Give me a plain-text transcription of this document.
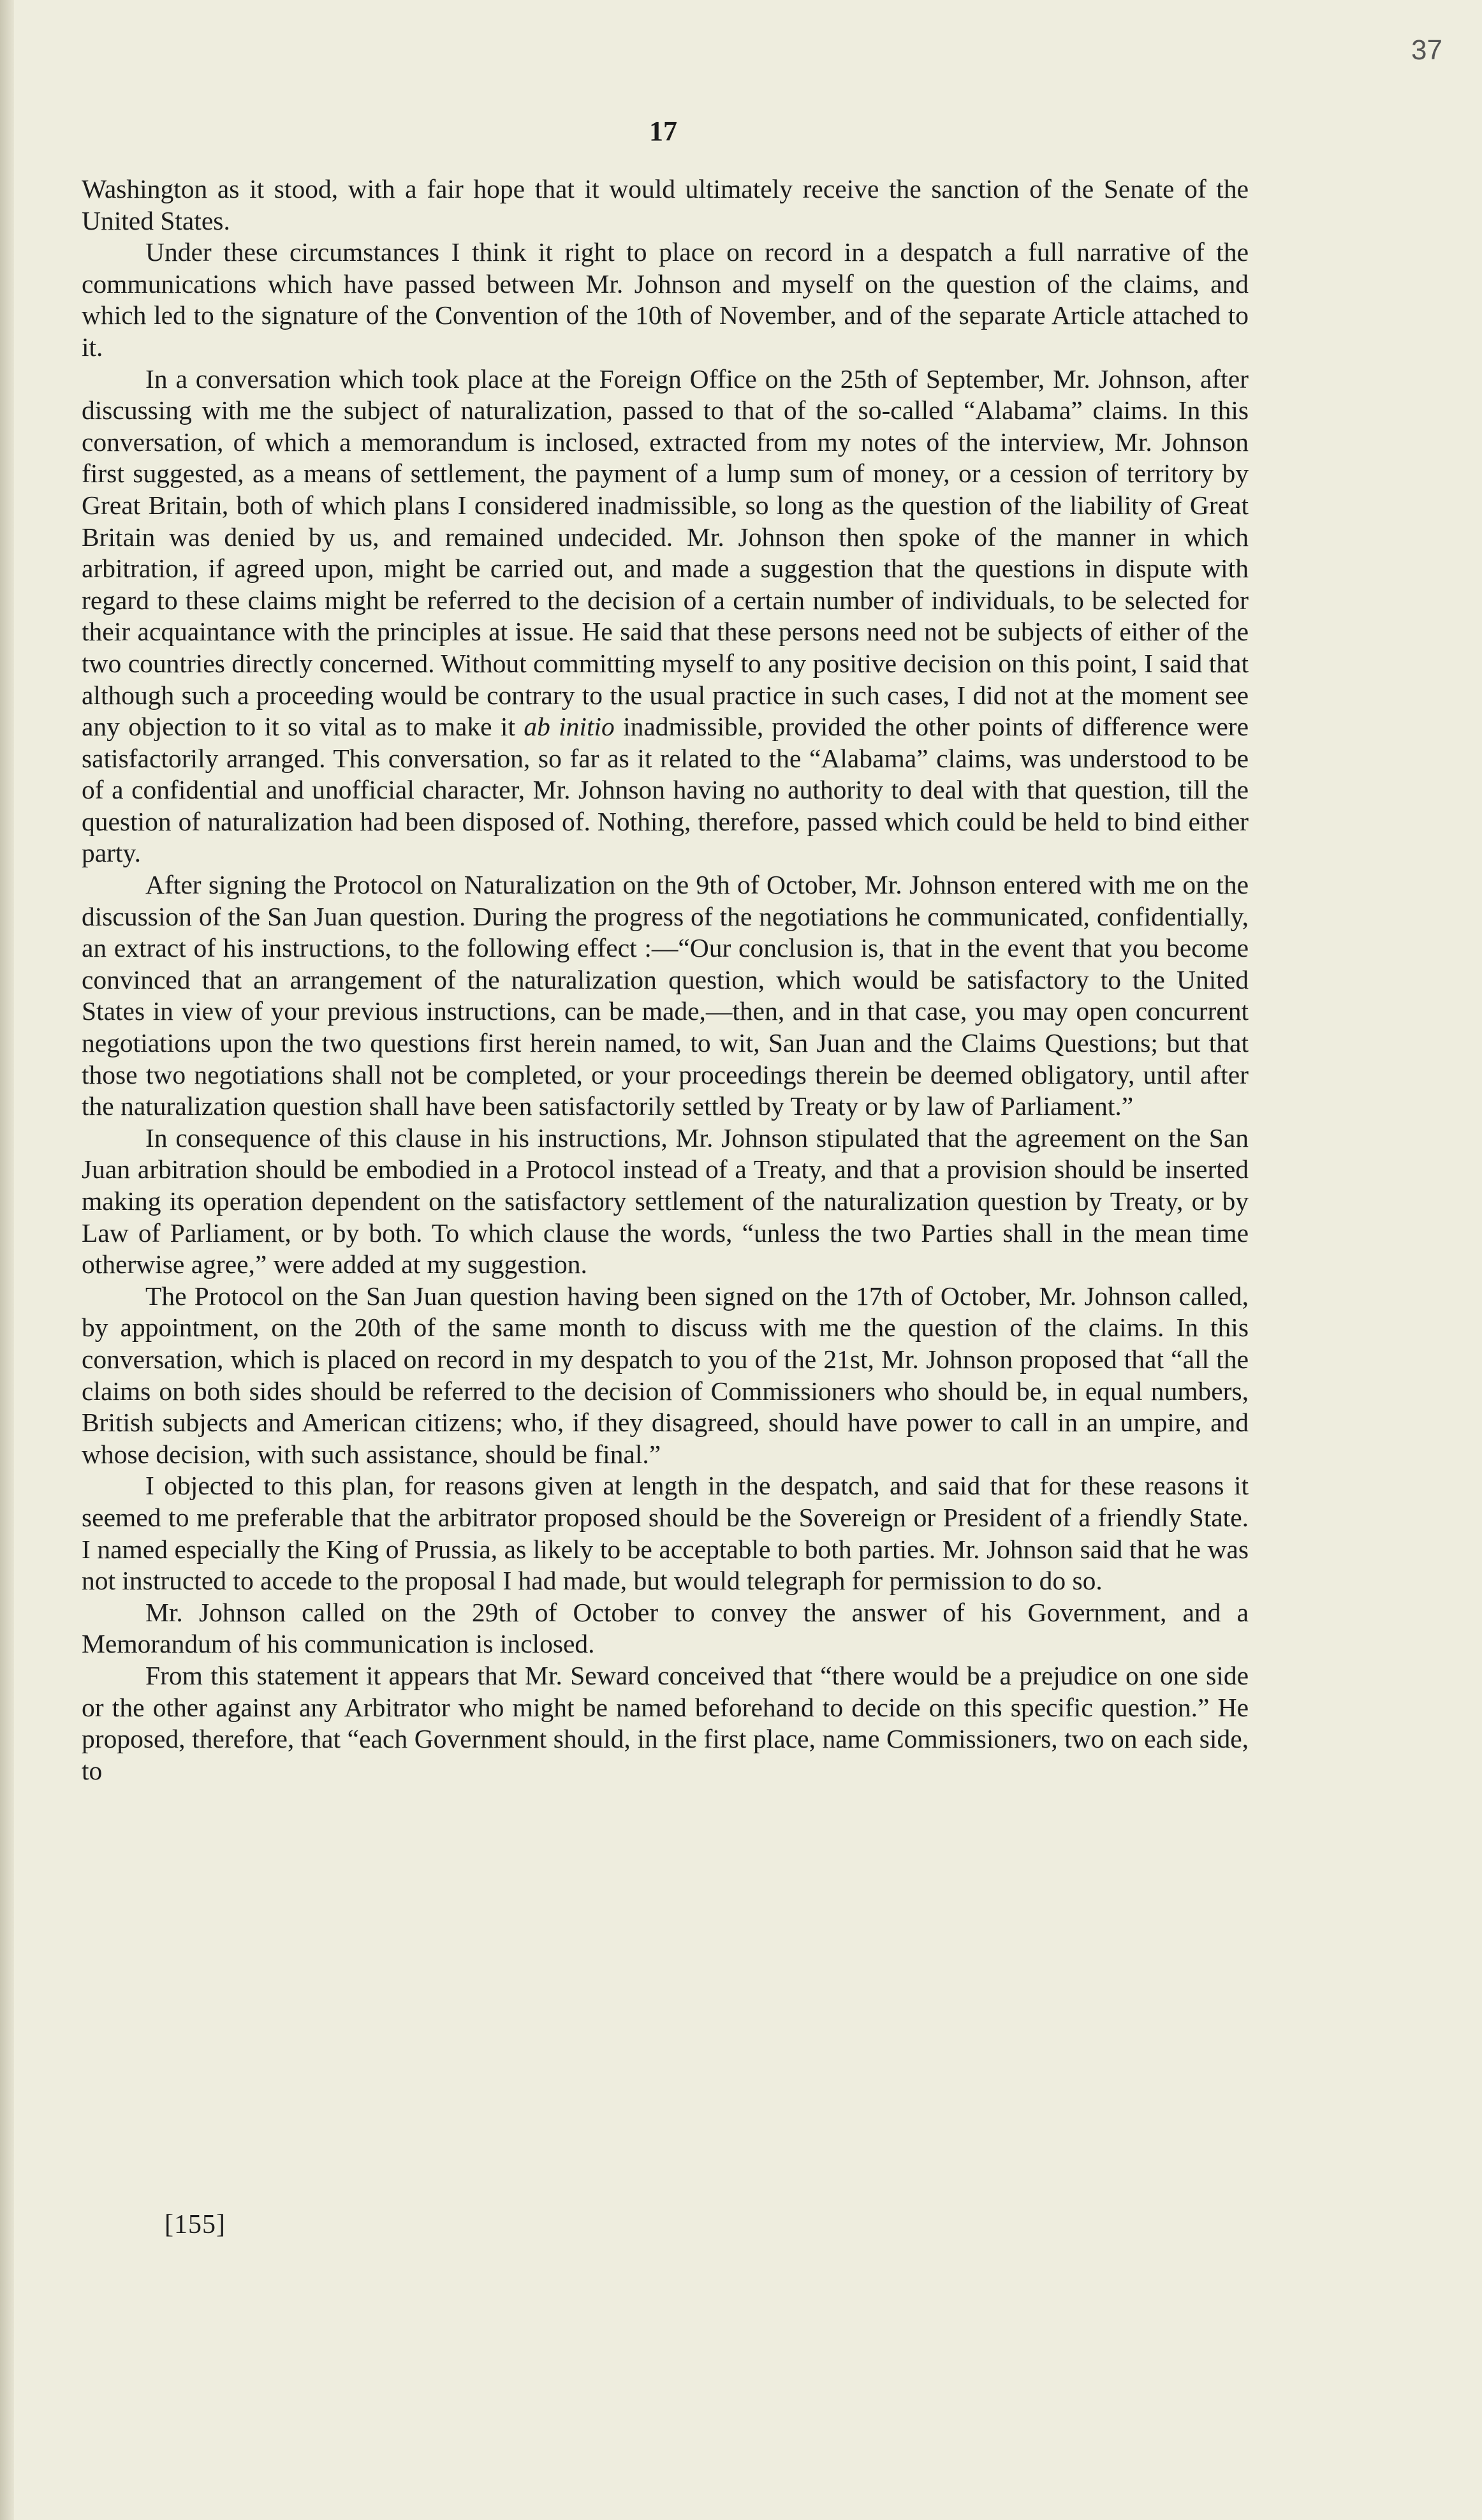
37
17

Washington as it stood, with a fair hope that it would ultimately receive the sanction of the Senate of the United States.

Under these circumstances I think it right to place on record in a despatch a full narrative of the communications which have passed between Mr. Johnson and myself on the question of the claims, and which led to the signature of the Convention of the 10th of November, and of the separate Article attached to it.

In a conversation which took place at the Foreign Office on the 25th of September, Mr. Johnson, after discussing with me the subject of naturalization, passed to that of the so-called “Alabama” claims. In this conversation, of which a memorandum is inclosed, extracted from my notes of the interview, Mr. Johnson first suggested, as a means of settlement, the payment of a lump sum of money, or a cession of territory by Great Britain, both of which plans I considered inadmissible, so long as the question of the liability of Great Britain was denied by us, and remained undecided. Mr. Johnson then spoke of the manner in which arbitration, if agreed upon, might be carried out, and made a suggestion that the questions in dispute with regard to these claims might be referred to the decision of a certain number of individuals, to be selected for their acquaintance with the principles at issue. He said that these persons need not be subjects of either of the two countries directly concerned. Without committing myself to any positive decision on this point, I said that although such a proceeding would be contrary to the usual practice in such cases, I did not at the moment see any objection to it so vital as to make it ab initio inadmissible, provided the other points of difference were satisfactorily arranged. This conversation, so far as it related to the “Alabama” claims, was understood to be of a confidential and unofficial character, Mr. Johnson having no authority to deal with that question, till the question of naturalization had been disposed of. Nothing, therefore, passed which could be held to bind either party.

After signing the Protocol on Naturalization on the 9th of October, Mr. Johnson entered with me on the discussion of the San Juan question. During the progress of the negotiations he communicated, confidentially, an extract of his instructions, to the following effect :—“Our conclusion is, that in the event that you become convinced that an arrangement of the naturalization question, which would be satisfactory to the United States in view of your previous instructions, can be made,—then, and in that case, you may open concurrent negotiations upon the two questions first herein named, to wit, San Juan and the Claims Questions; but that those two negotiations shall not be completed, or your proceedings therein be deemed obligatory, until after the naturalization question shall have been satisfactorily settled by Treaty or by law of Parliament.”

In consequence of this clause in his instructions, Mr. Johnson stipulated that the agreement on the San Juan arbitration should be embodied in a Protocol instead of a Treaty, and that a provision should be inserted making its operation dependent on the satisfactory settlement of the naturalization question by Treaty, or by Law of Parliament, or by both. To which clause the words, “unless the two Parties shall in the mean time otherwise agree,” were added at my suggestion.

The Protocol on the San Juan question having been signed on the 17th of October, Mr. Johnson called, by appointment, on the 20th of the same month to discuss with me the question of the claims. In this conversation, which is placed on record in my despatch to you of the 21st, Mr. Johnson proposed that “all the claims on both sides should be referred to the decision of Commissioners who should be, in equal numbers, British subjects and American citizens; who, if they disagreed, should have power to call in an umpire, and whose decision, with such assistance, should be final.”

I objected to this plan, for reasons given at length in the despatch, and said that for these reasons it seemed to me preferable that the arbitrator proposed should be the Sovereign or President of a friendly State. I named especially the King of Prussia, as likely to be acceptable to both parties. Mr. Johnson said that he was not instructed to accede to the proposal I had made, but would telegraph for permission to do so.

Mr. Johnson called on the 29th of October to convey the answer of his Government, and a Memorandum of his communication is inclosed.

From this statement it appears that Mr. Seward conceived that “there would be a prejudice on one side or the other against any Arbitrator who might be named beforehand to decide on this specific question.” He proposed, therefore, that “each Government should, in the first place, name Commissioners, two on each side, to

[155]
